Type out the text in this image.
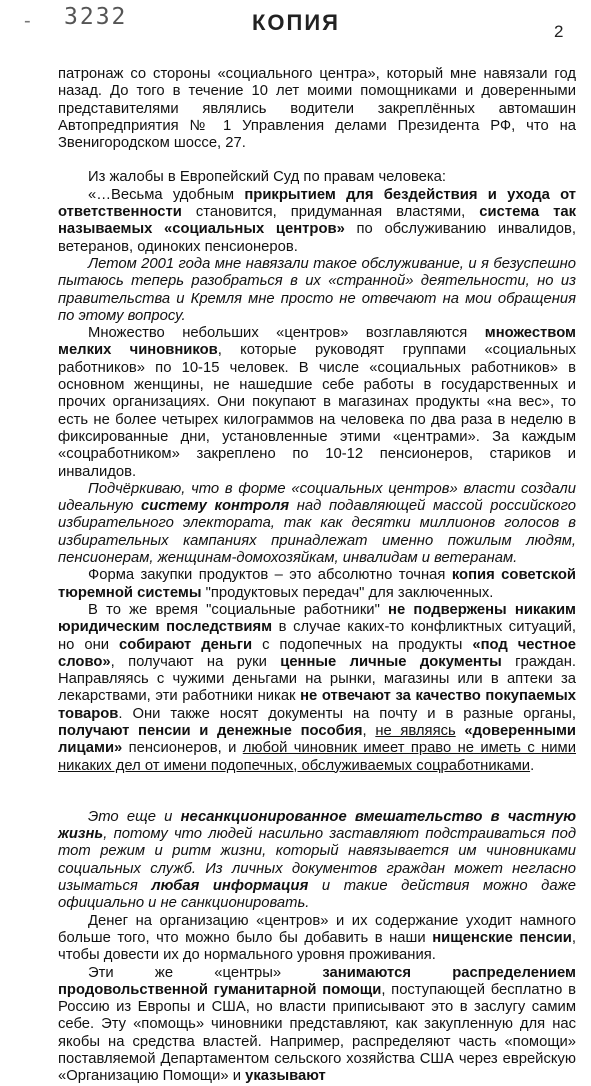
- 3232	КОПИЯ	2

патронаж со стороны «социального центра», который мне навязали год назад. До того в течение 10 лет моими помощниками и доверенными представителями являлись водители закреплённых автомашин Автопредприятия № 1 Управления делами Президента РФ, что на Звенигородском шоссе, 27.

Из жалобы в Европейский Суд по правам человека:

«…Весьма удобным прикрытием для бездействия и ухода от ответственности становится, придуманная властями, система так называемых «социальных центров» по обслуживанию инвалидов, ветеранов, одиноких пенсионеров.

Летом 2001 года мне навязали такое обслуживание, и я безуспешно пытаюсь теперь разобраться в их «странной» деятельности, но из правительства и Кремля мне просто не отвечают на мои обращения по этому вопросу.

Множество небольших «центров» возглавляются множеством мелких чиновников, которые руководят группами «социальных работников» по 10-15 человек. В числе «социальных работников» в основном женщины, не нашедшие себе работы в государственных и прочих организациях. Они покупают в магазинах продукты «на вес», то есть не более четырех килограммов на человека по два раза в неделю в фиксированные дни, установленные этими «центрами». За каждым «соцработником» закреплено по 10-12 пенсионеров, стариков и инвалидов.

Подчёркиваю, что в форме «социальных центров» власти создали идеальную систему контроля над подавляющей массой российского избирательного электората, так как десятки миллионов голосов в избирательных кампаниях принадлежат именно пожилым людям, пенсионерам, женщинам-домохозяйкам, инвалидам и ветеранам.

Форма закупки продуктов – это абсолютно точная копия советской тюремной системы "продуктовых передач" для заключенных.

В то же время "социальные работники" не подвержены никаким юридическим последствиям в случае каких-то конфликтных ситуаций, но они собирают деньги с подопечных на продукты «под честное слово», получают на руки ценные личные документы граждан. Направляясь с чужими деньгами на рынки, магазины или в аптеки за лекарствами, эти работники никак не отвечают за качество покупаемых товаров. Они также носят документы на почту и в разные органы, получают пенсии и денежные пособия, не являясь «доверенными лицами» пенсионеров, и любой чиновник имеет право не иметь с ними никаких дел от имени подопечных, обслуживаемых соцработниками.

Это еще и несанкционированное вмешательство в частную жизнь, потому что людей насильно заставляют подстраиваться под тот режим и ритм жизни, который навязывается им чиновниками социальных служб. Из личных документов граждан может негласно изыматься любая информация и такие действия можно даже официально и не санкционировать.

Денег на организацию «центров» и их содержание уходит намного больше того, что можно было бы добавить в наши нищенские пенсии, чтобы довести их до нормального уровня проживания.

Эти же «центры» занимаются распределением продовольственной гуманитарной помощи, поступающей бесплатно в Россию из Европы и США, но власти приписывают это в заслугу самим себе. Эту «помощь» чиновники представляют, как закупленную для нас якобы на средства властей. Например, распределяют часть «помощи» поставляемой Департаментом сельского хозяйства США через еврейскую «Организацию Помощи» и указывают
